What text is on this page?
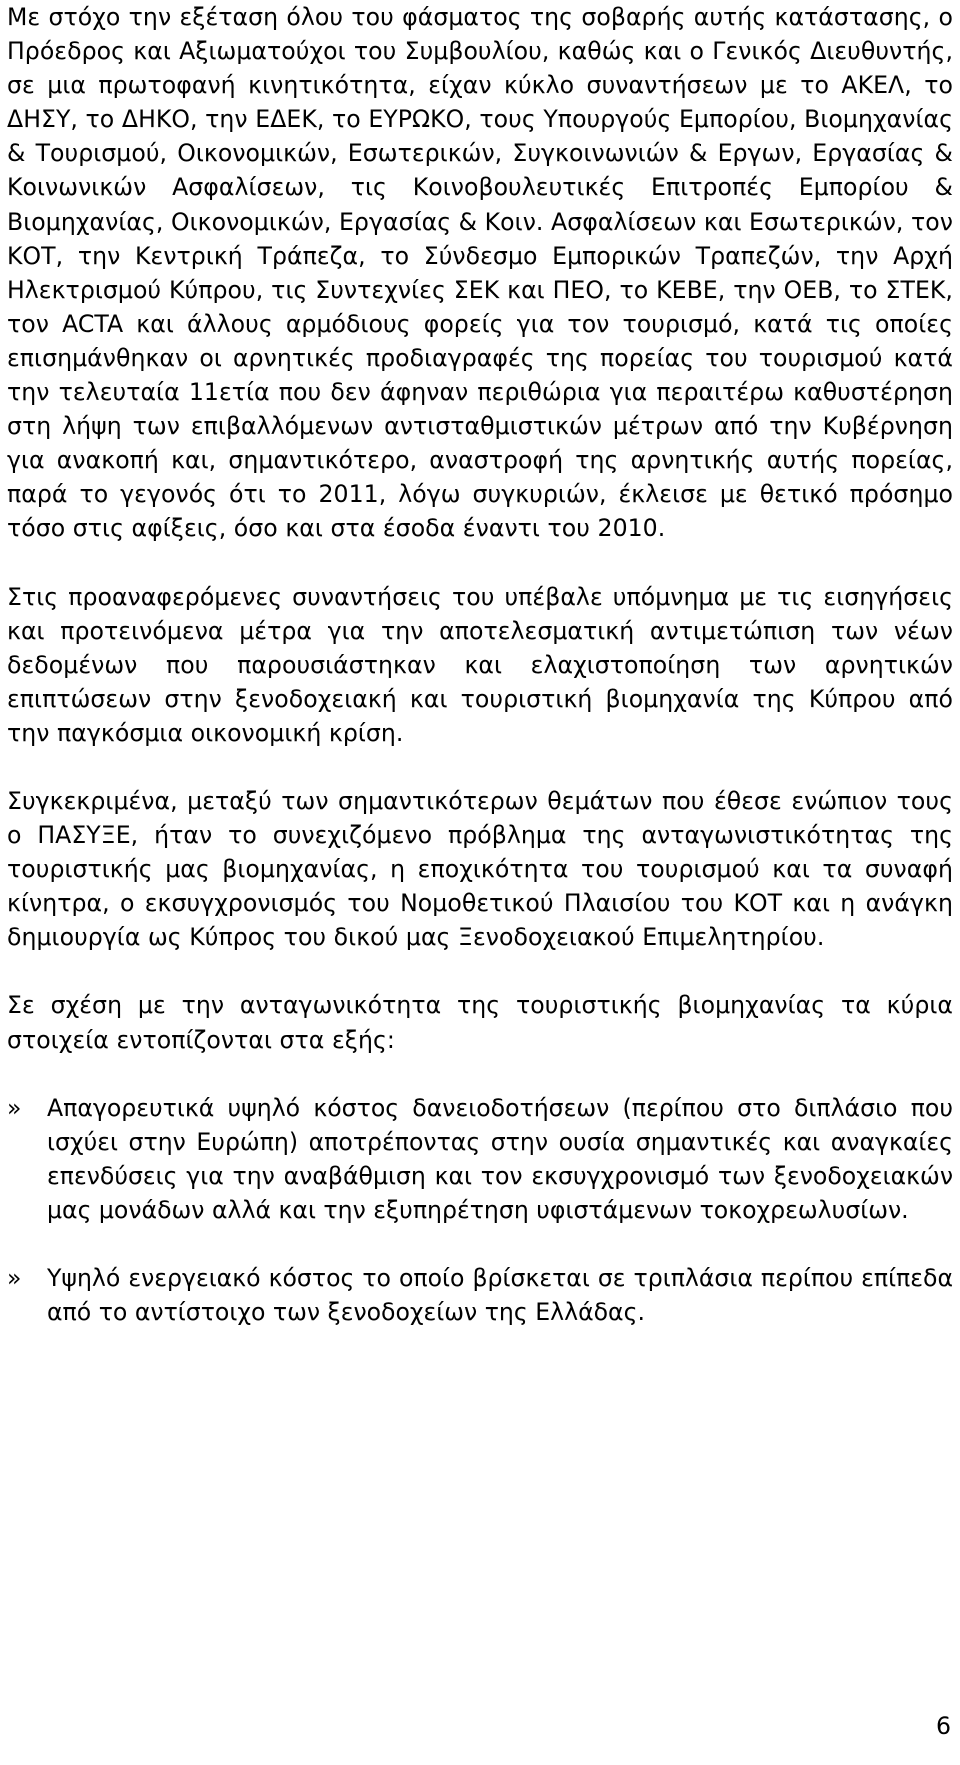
Με στόχο την εξέταση όλου του φάσματος της σοβαρής αυτής κατάστασης, ο Πρόεδρος και Αξιωματούχοι του Συμβουλίου, καθώς και ο Γενικός Διευθυντής, σε μια πρωτοφανή κινητικότητα, είχαν κύκλο συναντήσεων με το ΑΚΕΛ, το ΔΗΣΥ, το ΔΗΚΟ, την ΕΔΕΚ, το ΕΥΡΩΚΟ, τους Υπουργούς Εμπορίου, Βιομηχανίας & Τουρισμού, Οικονομικών, Εσωτερικών, Συγκοινωνιών & Εργων, Εργασίας & Κοινωνικών Ασφαλίσεων, τις Κοινοβουλευτικές Επιτροπές Εμπορίου & Βιομηχανίας, Οικονομικών, Εργασίας & Κοιν. Ασφαλίσεων και Εσωτερικών, τον ΚΟΤ, την Κεντρική Τράπεζα, το Σύνδεσμο Εμπορικών Τραπεζών, την Αρχή Ηλεκτρισμού Κύπρου, τις Συντεχνίες ΣΕΚ και ΠΕΟ, το ΚΕΒΕ, την ΟΕΒ, το ΣΤΕΚ, τον ACTA και άλλους αρμόδιους φορείς για τον τουρισμό, κατά τις οποίες επισημάνθηκαν οι αρνητικές προδιαγραφές της πορείας του τουρισμού κατά την τελευταία 11ετία που δεν άφηναν περιθώρια για περαιτέρω καθυστέρηση στη λήψη των επιβαλλόμενων αντισταθμιστικών μέτρων από την Κυβέρνηση για ανακοπή και, σημαντικότερο, αναστροφή της αρνητικής αυτής πορείας, παρά το γεγονός ότι το 2011, λόγω συγκυριών, έκλεισε με θετικό πρόσημο τόσο στις αφίξεις, όσο και στα έσοδα έναντι του 2010.

Στις προαναφερόμενες συναντήσεις του υπέβαλε υπόμνημα με τις εισηγήσεις και προτεινόμενα μέτρα για την αποτελεσματική αντιμετώπιση των νέων δεδομένων που παρουσιάστηκαν και ελαχιστοποίηση των αρνητικών επιπτώσεων στην ξενοδοχειακή και τουριστική βιομηχανία της Κύπρου από την παγκόσμια οικονομική κρίση.

Συγκεκριμένα, μεταξύ των σημαντικότερων θεμάτων που έθεσε ενώπιον τους ο ΠΑΣΥΞΕ, ήταν το συνεχιζόμενο πρόβλημα της ανταγωνιστικότητας της τουριστικής μας βιομηχανίας, η εποχικότητα του τουρισμού και τα συναφή κίνητρα, ο εκσυγχρονισμός του Νομοθετικού Πλαισίου του ΚΟΤ και η ανάγκη δημιουργία ως Κύπρος του δικού μας Ξενοδοχειακού Επιμελητηρίου.

Σε σχέση με την ανταγωνικότητα της τουριστικής βιομηχανίας τα κύρια στοιχεία εντοπίζονται στα εξής:

» Απαγορευτικά υψηλό κόστος δανειοδοτήσεων (περίπου στο διπλάσιο που ισχύει στην Ευρώπη) αποτρέποντας στην ουσία σημαντικές και αναγκαίες επενδύσεις για την αναβάθμιση και τον εκσυγχρονισμό των ξενοδοχειακών μας μονάδων αλλά και την εξυπηρέτηση υφιστάμενων τοκοχρεωλυσίων.
» Υψηλό ενεργειακό κόστος το οποίο βρίσκεται σε τριπλάσια περίπου επίπεδα από το αντίστοιχο των ξενοδοχείων της Ελλάδας.
6
